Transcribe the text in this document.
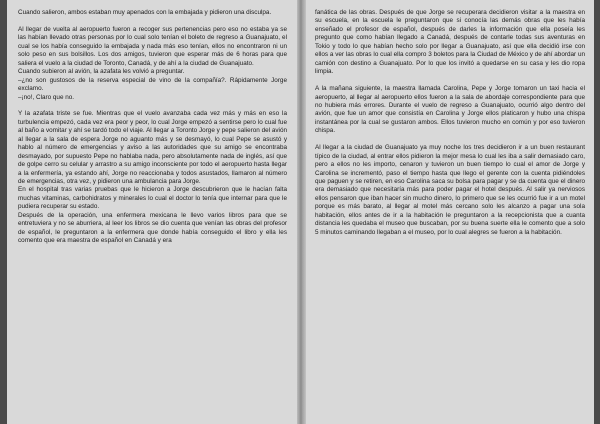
Cuando salieron, ambos estaban muy apenados con la embajada y pidieron una disculpa.

Al llegar de vuelta al aeropuerto fueron a recoger sus pertenencias pero eso no estaba ya se las habían llevado otras personas por lo cual solo tenían el boleto de regreso a Guanajuato, el cual se los había conseguido la embajada y nada más eso tenían, ellos no encontraron ni un solo peso en sus bolsillos. Los dos amigos, tuvieron que esperar más de 6 horas para que saliera el vuelo a la ciudad de Toronto, Canadá, y de ahí a la ciudad de Guanajuato.

Cuando subieron al avión, la azafata les volvió a preguntar.

–¿no son gustosos de la reserva especial de vino de la compañía?. Rápidamente Jorge exclamo.

–¡no!, Claro que no.

Y la azafata triste se fue. Mientras que el vuelo avanzaba cada vez más y más en eso la turbulencia empezó, cada vez era peor y peor, lo cual Jorge empezó a sentirse pero lo cual fue al baño a vomitar y ahí se tardó todo el viaje. Al llegar a Toronto Jorge y pepe salieron del avión al llegar a la sala de espera Jorge no aguanto más y se desmayó, lo cual Pepe se asustó y hablo al número de emergencias y aviso a las autoridades que su amigo se encontraba desmayado, por supuesto Pepe no hablaba nada, pero absolutamente nada de inglés, así que de golpe cerro su celular y arrastro a su amigo inconsciente por todo el aeropuerto hasta llegar a la enfermería, ya estando ahí, Jorge no reaccionaba y todos asustados, llamaron al número de emergencias, otra vez, y pidieron una ambulancia para Jorge.

En el hospital tras varias pruebas que le hicieron a Jorge descubrieron que le hacían falta muchas vitaminas, carbohidratos y minerales lo cual el doctor lo tenía que internar para que le pudiera recuperar su estado.

Después de la operación, una enfermera mexicana le llevo varios libros para que se entretuviera y no se aburriera, al leer los libros se dio cuenta que venían las obras del profesor de español, le preguntaron a la enfermera que donde había conseguido el libro y ella les comento que era maestra de español en Canadá y era

fanática de las obras. Después de que Jorge se recuperara decidieron visitar a la maestra en su escuela, en la escuela le preguntaron que si conocía las demás obras que les había enseñado el profesor de español, después de darles la información que ella poseía les pregunto que como habían llegado a Canadá, después de contarle todas sus aventuras en Tokio y todo lo que habían hecho solo por llegar a Guanajuato, así que ella decidió irse con ellos a ver las obras lo cual ella compro 3 boletos para la Ciudad de México y de ahí abordar un camión con destino a Guanajuato. Por lo que los invitó a quedarse en su casa y les dio ropa limpia.

A la mañana siguiente, la maestra llamada Carolina, Pepe y Jorge tomaron un taxi hacia el aeropuerto, al llegar al aeropuerto ellos fueron a la sala de abordaje correspondiente para que no hubiera más errores. Durante el vuelo de regreso a Guanajuato, ocurrió algo dentro del avión, que fue un amor que consistía en Carolina y Jorge ellos platicaron y hubo una chispa instantánea por la cual se gustaron ambos. Ellos tuvieron mucho en común y por eso tuvieron chispa.

Al llegar a la ciudad de Guanajuato ya muy noche los tres decidieron ir a un buen restaurant típico de la ciudad, al entrar ellos pidieron la mejor mesa lo cual les iba a salir demasiado caro, pero a ellos no les importo, cenaron y tuvieron un buen tiempo lo cual el amor de Jorge y Carolina se incrementó, paso el tiempo hasta que llego el gerente con la cuenta pidiéndoles que paguen y se retiren, en eso Carolina saca su bolsa para pagar y se da cuenta que el dinero era demasiado que necesitaría más para poder pagar el hotel después. Al salir ya nerviosos ellos pensaron que iban hacer sin mucho dinero, lo primero que se les ocurrió fue ir a un motel porque es más barato, al llegar al motel más cercano solo les alcanzo a pagar una sola habitación, ellos antes de ir a la habitación le preguntaron a la recepcionista que a cuanta distancia les quedaba el museo que buscaban, por su buena suerte ella le comento que a solo 5 minutos caminando llegaban a el museo, por lo cual alegres se fueron a la habitación.
